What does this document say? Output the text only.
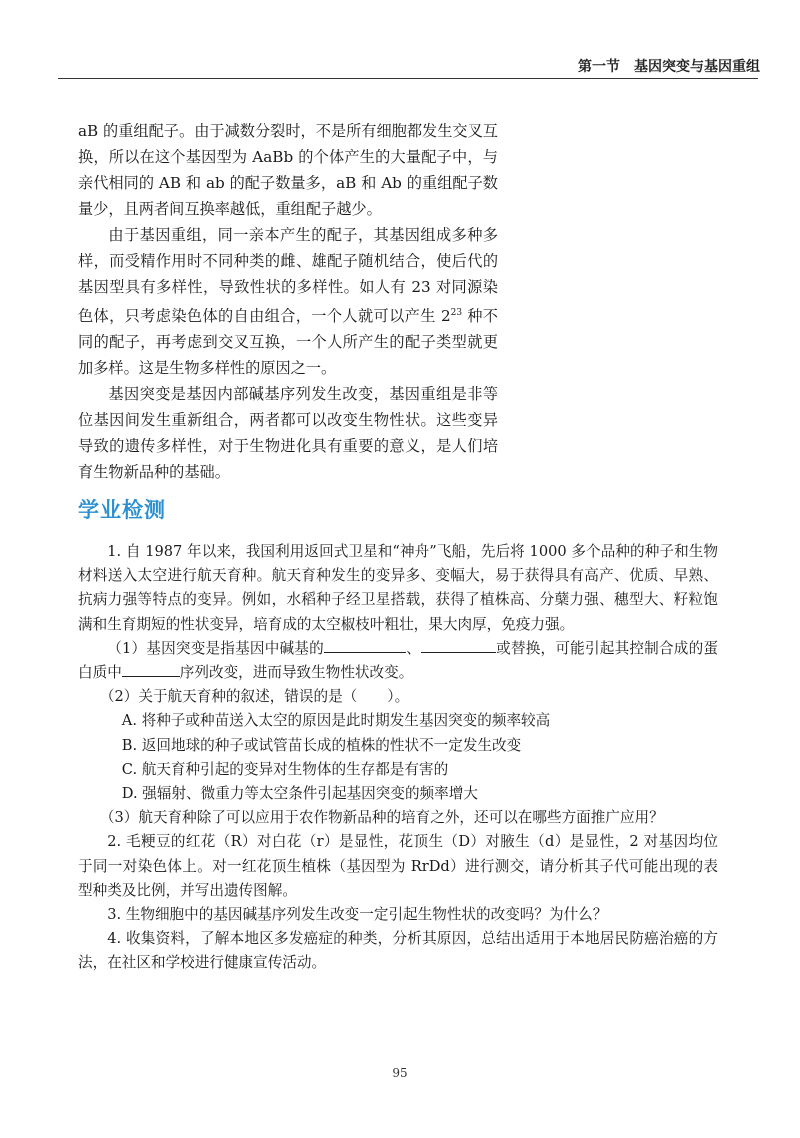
第一节　基因突变与基因重组

aB 的重组配子。由于减数分裂时，不是所有细胞都发生交叉互换，所以在这个基因型为 AaBb 的个体产生的大量配子中，与亲代相同的 AB 和 ab 的配子数量多，aB 和 Ab 的重组配子数量少，且两者间互换率越低，重组配子越少。

由于基因重组，同一亲本产生的配子，其基因组成多种多样，而受精作用时不同种类的雌、雄配子随机结合，使后代的基因型具有多样性，导致性状的多样性。如人有 23 对同源染色体，只考虑染色体的自由组合，一个人就可以产生 $2^{23}$ 种不同的配子，再考虑到交叉互换，一个人所产生的配子类型就更加多样。这是生物多样性的原因之一。

基因突变是基因内部碱基序列发生改变，基因重组是非等位基因间发生重新组合，两者都可以改变生物性状。这些变异导致的遗传多样性，对于生物进化具有重要的意义，是人们培育生物新品种的基础。

学业检测

1. 自 1987 年以来，我国利用返回式卫星和“神舟”飞船，先后将 1000 多个品种的种子和生物材料送入太空进行航天育种。航天育种发生的变异多、变幅大，易于获得具有高产、优质、早熟、抗病力强等特点的变异。例如，水稻种子经卫星搭载，获得了植株高、分蘖力强、穗型大、籽粒饱满和生育期短的性状变异，培育成的太空椒枝叶粗壮，果大肉厚，免疫力强。

（1）基因突变是指基因中碱基的	、	或替换，可能引起其控制合成的蛋白质中	序列改变，进而导致生物性状改变。

（2）关于航天育种的叙述，错误的是（ ）。

A. 将种子或种苗送入太空的原因是此时期发生基因突变的频率较高

B. 返回地球的种子或试管苗长成的植株的性状不一定发生改变

C. 航天育种引起的变异对生物体的生存都是有害的

D. 强辐射、微重力等太空条件引起基因突变的频率增大

（3）航天育种除了可以应用于农作物新品种的培育之外，还可以在哪些方面推广应用？

2. 毛粳豆的红花（R）对白花（r）是显性，花顶生（D）对腋生（d）是显性，2 对基因均位于同一对染色体上。对一红花顶生植株（基因型为 RrDd）进行测交，请分析其子代可能出现的表型种类及比例，并写出遗传图解。

3. 生物细胞中的基因碱基序列发生改变一定引起生物性状的改变吗？为什么？

4. 收集资料，了解本地区多发癌症的种类，分析其原因，总结出适用于本地居民防癌治癌的方法，在社区和学校进行健康宣传活动。

95
